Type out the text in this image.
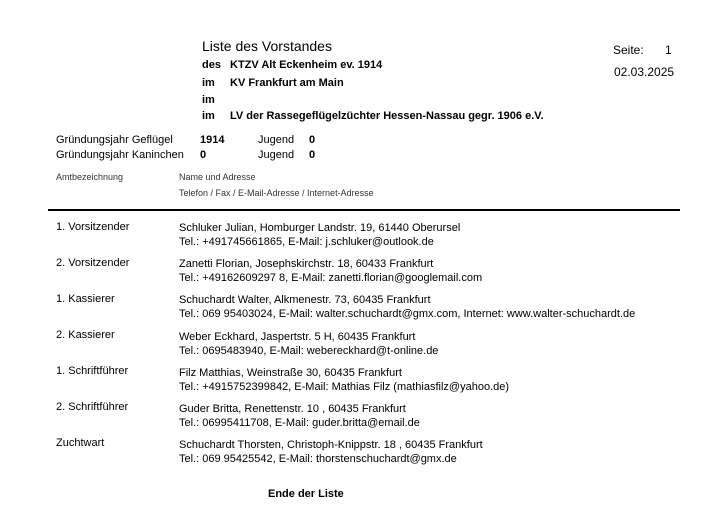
Liste des Vorstandes
des KTZV Alt Eckenheim ev. 1914
im KV Frankfurt am Main
im
im LV der Rassegeflügelzüchter Hessen-Nassau gegr. 1906 e.V.
Seite: 1
02.03.2025
Gründungsjahr Geflügel 1914	Jugend 0
Gründungsjahr Kaninchen 0	Jugend 0
Amtbezeichnung	Name und Adresse
Telefon / Fax / E-Mail-Adresse / Internet-Adresse
1. Vorsitzender	Schluker Julian, Homburger Landstr. 19, 61440 Oberursel
Tel.: +491745661865, E-Mail: j.schluker@outlook.de
2. Vorsitzender	Zanetti Florian, Josephskirchstr. 18, 60433 Frankfurt
Tel.: +49162609297 8, E-Mail: zanetti.florian@googlemail.com
1. Kassierer	Schuchardt Walter, Alkmenestr. 73, 60435 Frankfurt
Tel.: 069 95403024, E-Mail: walter.schuchardt@gmx.com, Internet: www.walter-schuchardt.de
2. Kassierer	Weber Eckhard, Jaspertstr. 5 H, 60435 Frankfurt
Tel.: 0695483940, E-Mail: webereckhard@t-online.de
1. Schriftführer	Filz Matthias, Weinstraße 30, 60435 Frankfurt
Tel.: +4915752399842, E-Mail: Mathias Filz (mathiasfilz@yahoo.de)
2. Schriftführer	Guder Britta, Renettenstr. 10 , 60435 Frankfurt
Tel.: 06995411708, E-Mail: guder.britta@email.de
Zuchtwart	Schuchardt Thorsten, Christoph-Knippstr. 18 , 60435 Frankfurt
Tel.: 069 95425542, E-Mail: thorstenschuchardt@gmx.de
Ende der Liste
